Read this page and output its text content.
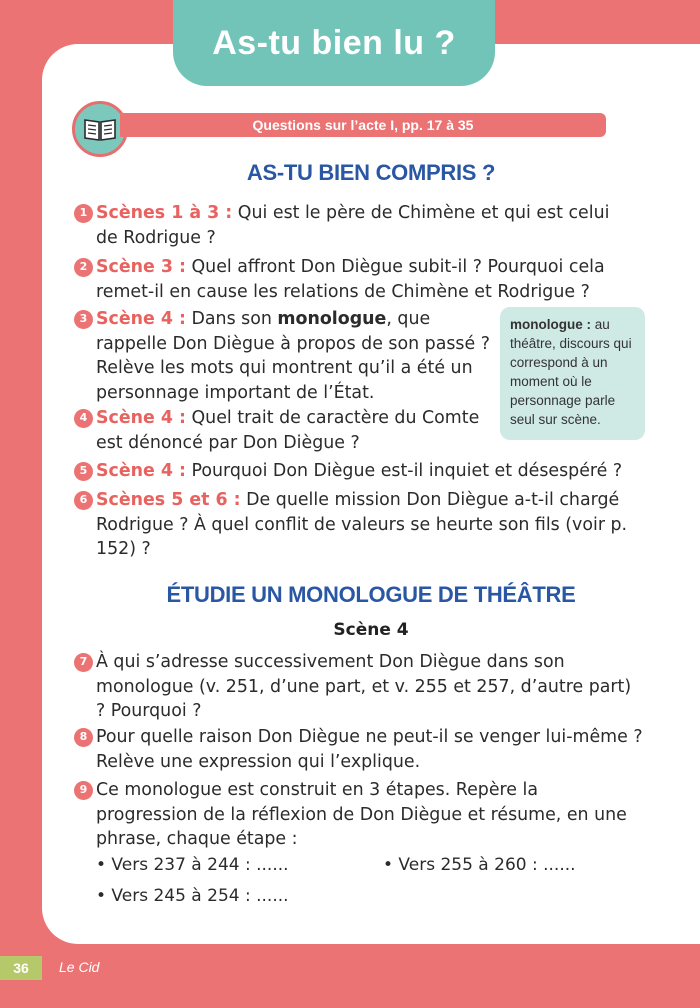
As-tu bien lu ?
Questions sur l’acte I, pp. 17 à 35
AS-TU BIEN COMPRIS ?
1 Scènes 1 à 3 : Qui est le père de Chimène et qui est celui de Rodrigue ?
2 Scène 3 : Quel affront Don Diègue subit-il ? Pourquoi cela remet-il en cause les relations de Chimène et Rodrigue ?
3 Scène 4 : Dans son monologue, que rappelle Don Diègue à propos de son passé ? Relève les mots qui montrent qu’il a été un personnage important de l’État.
monologue : au théâtre, discours qui correspond à un moment où le personnage parle seul sur scène.
4 Scène 4 : Quel trait de caractère du Comte est dénoncé par Don Diègue ?
5 Scène 4 : Pourquoi Don Diègue est-il inquiet et désespéré ?
6 Scènes 5 et 6 : De quelle mission Don Diègue a-t-il chargé Rodrigue ? À quel conflit de valeurs se heurte son fils (voir p. 152) ?
ÉTUDIE UN MONOLOGUE DE THÉÂTRE
Scène 4
7 À qui s’adresse successivement Don Diègue dans son monologue (v. 251, d’une part, et v. 255 et 257, d’autre part) ? Pourquoi ?
8 Pour quelle raison Don Diègue ne peut-il se venger lui-même ? Relève une expression qui l’explique.
9 Ce monologue est construit en 3 étapes. Repère la progression de la réflexion de Don Diègue et résume, en une phrase, chaque étape :
• Vers 237 à 244 : ......	• Vers 255 à 260 : ......
• Vers 245 à 254 : ......
36	Le Cid
